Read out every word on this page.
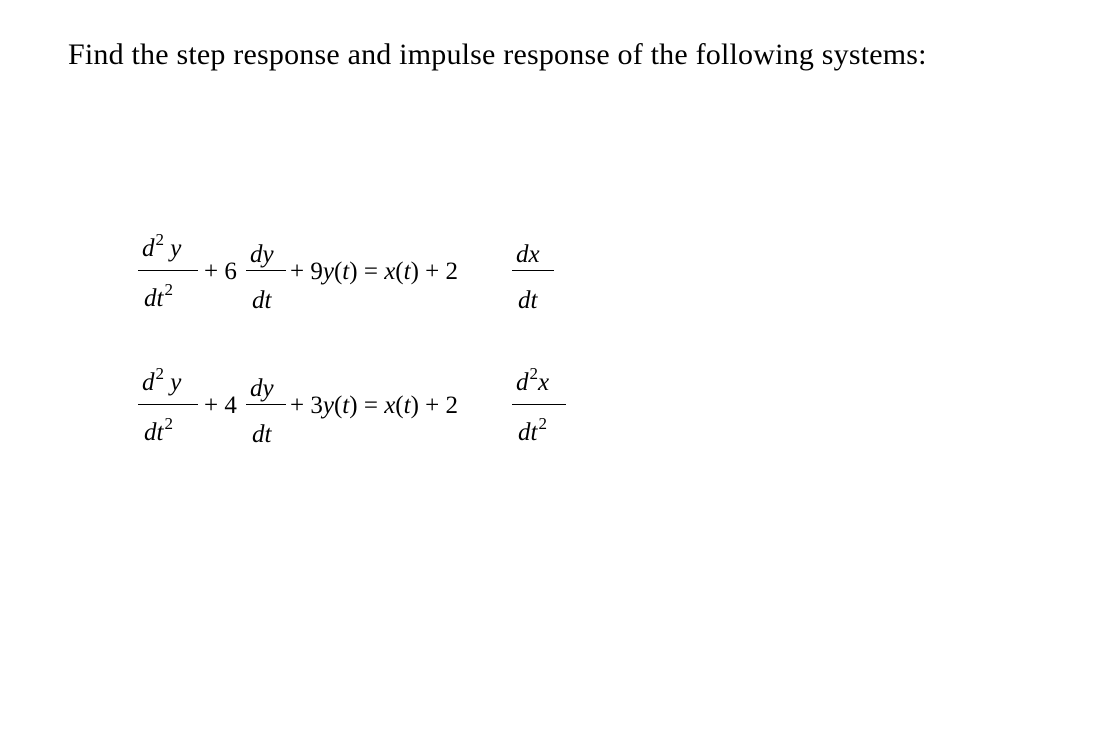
Find the step response and impulse response of the following systems:
$d^2$ y
$dt^2$
+ 6
dy
dt
+ 9y(t) = x(t) + 2
dx
dt
$d^2$ y
$dt^2$
+ 4
dy
dt
+ 3y(t) = x(t) + 2
$d^2x$
$dt^2$
